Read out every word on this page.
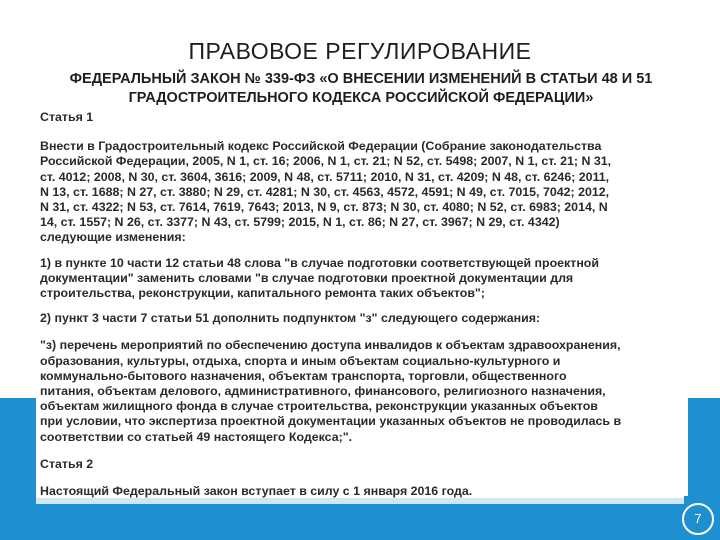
7
ПРАВОВОЕ РЕГУЛИРОВАНИЕ
ФЕДЕРАЛЬНЫЙ ЗАКОН № 339-ФЗ «О ВНЕСЕНИИ ИЗМЕНЕНИЙ В СТАТЬИ 48 И 51
ГРАДОСТРОИТЕЛЬНОГО КОДЕКСА РОССИЙСКОЙ ФЕДЕРАЦИИ»

Статья 1

Внести в Градостроительный кодекс Российской Федерации (Собрание законодательства
Российской Федерации, 2005, N 1, ст. 16; 2006, N 1, ст. 21; N 52, ст. 5498; 2007, N 1, ст. 21; N 31,
ст. 4012; 2008, N 30, ст. 3604, 3616; 2009, N 48, ст. 5711; 2010, N 31, ст. 4209; N 48, ст. 6246; 2011,
N 13, ст. 1688; N 27, ст. 3880; N 29, ст. 4281; N 30, ст. 4563, 4572, 4591; N 49, ст. 7015, 7042; 2012,
N 31, ст. 4322; N 53, ст. 7614, 7619, 7643; 2013, N 9, ст. 873; N 30, ст. 4080; N 52, ст. 6983; 2014, N
14, ст. 1557; N 26, ст. 3377; N 43, ст. 5799; 2015, N 1, ст. 86; N 27, ст. 3967; N 29, ст. 4342)
следующие изменения:
1) в пункте 10 части 12 статьи 48 слова "в случае подготовки соответствующей проектной
документации" заменить словами "в случае подготовки проектной документации для
строительства, реконструкции, капитального ремонта таких объектов";

2) пункт 3 части 7 статьи 51 дополнить подпунктом "з" следующего содержания:

"з) перечень мероприятий по обеспечению доступа инвалидов к объектам здравоохранения,
образования, культуры, отдыха, спорта и иным объектам социально-культурного и
коммунально-бытового назначения, объектам транспорта, торговли, общественного
питания, объектам делового, административного, финансового, религиозного назначения,
объектам жилищного фонда в случае строительства, реконструкции указанных объектов
при условии, что экспертиза проектной документации указанных объектов не проводилась в
соответствии со статьей 49 настоящего Кодекса;".

Статья 2

Настоящий Федеральный закон вступает в силу с 1 января 2016 года.
